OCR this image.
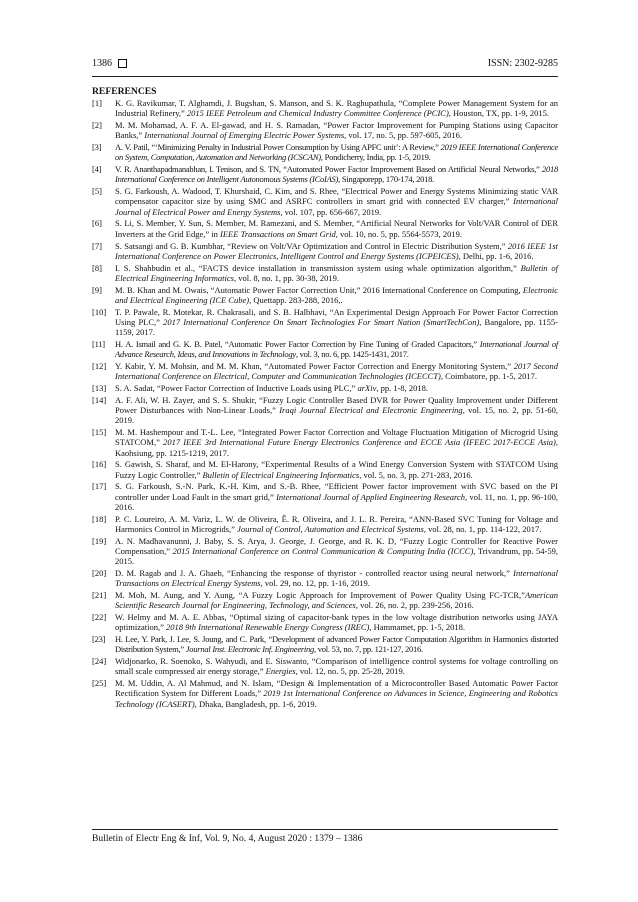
1386	ISSN: 2302-9285
REFERENCES
[1] K. G. Ravikumar, T. Alghamdi, J. Bugshan, S. Manson, and S. K. Raghupathula, “Complete Power Management System for an Industrial Refinery,” 2015 IEEE Petroleum and Chemical Industry Committee Conference (PCIC), Houston, TX, pp. 1-9, 2015.
[2] M. M. Mohamad, A. F. A. El-gawad, and H. S. Ramadan, “Power Factor Improvement for Pumping Stations using Capacitor Banks,” International Journal of Emerging Electric Power Systems, vol. 17, no. 5, pp. 597-605, 2016.
[3] A. V. Patil, “‘Minimizing Penalty in Industrial Power Consumption by Using APFC unit’: A Review,” 2019 IEEE International Conference on System, Computation, Automation and Networking (ICSCAN), Pondicherry, India, pp. 1-5, 2019.
[4] V. R. Ananthapadmanabhan, I. Tenison, and S. TN, “Automated Power Factor Improvement Based on Artificial Neural Networks,” 2018 International Conference on Intelligent Autonomous Systems (ICoIAS), Singaporepp, 170-174, 2018.
[5] S. G. Farkoush, A. Wadood, T. Khurshaid, C. Kim, and S. Rhee, “Electrical Power and Energy Systems Minimizing static VAR compensator capacitor size by using SMC and ASRFC controllers in smart grid with connected EV charger,” International Journal of Electrical Power and Energy Systems, vol. 107, pp. 656-667, 2019.
[6] S. Li, S. Member, Y. Sun, S. Member, M. Ramezani, and S. Member, “Artificial Neural Networks for Volt/VAR Control of DER Inverters at the Grid Edge,” in IEEE Transactions on Smart Grid, vol. 10, no. 5, pp. 5564-5573, 2019.
[7] S. Satsangi and G. B. Kumbhar, “Review on Volt/VAr Optimization and Control in Electric Distribution System,” 2016 IEEE 1st International Conference on Power Electronics, Intelligent Control and Energy Systems (ICPEICES), Delhi, pp. 1-6, 2016.
[8] I. S. Shahbudin et al., “FACTS device installation in transmission system using whale optimization algorithm,” Bulletin of Electrical Engineering Informatics, vol. 8, no. 1, pp. 30-38, 2019.
[9] M. B. Khan and M. Owais, “Automatic Power Factor Correction Unit,” 2016 International Conference on Computing, Electronic and Electrical Engineering (ICE Cube), Quettapp. 283-288, 2016,.
[10] T. P. Pawale, R. Motekar, R. Chakrasali, and S. B. Halbhavi, “An Experimental Design Approach For Power Factor Correction Using PLC,” 2017 International Conference On Smart Technologies For Smart Nation (SmartTechCon), Bangalore, pp. 1155-1159, 2017.
[11] H. A. Ismail and G. K. B. Patel, “Automatic Power Factor Correction by Fine Tuning of Graded Capacitors,” International Journal of Advance Research, Ideas, and Innovations in Technology, vol. 3, no. 6, pp. 1425-1431, 2017.
[12] Y. Kabir, Y. M. Mohsin, and M. M. Khan, “Automated Power Factor Correction and Energy Monitoring System,” 2017 Second International Conference on Electrical, Computer and Communication Technologies (ICECCT), Coimbatore, pp. 1-5, 2017.
[13] S. A. Sadat, “Power Factor Correction of Inductive Loads using PLC,” arXiv, pp. 1-8, 2018.
[14] A. F. Ali, W. H. Zayer, and S. S. Shukir, “Fuzzy Logic Controller Based DVR for Power Quality Improvement under Different Power Disturbances with Non-Linear Loads,” Iraqi Journal Electrical and Electronic Engineering, vol. 15, no. 2, pp. 51-60, 2019.
[15] M. M. Hashempour and T.-L. Lee, “Integrated Power Factor Correction and Voltage Fluctuation Mitigation of Microgrid Using STATCOM,” 2017 IEEE 3rd International Future Energy Electronics Conference and ECCE Asia (IFEEC 2017-ECCE Asia), Kaohsiung, pp. 1215-1219, 2017.
[16] S. Gawish, S. Sharaf, and M. El-Harony, “Experimental Results of a Wind Energy Conversion System with STATCOM Using Fuzzy Logic Controller,” Bulletin of Electrical Engineering Informatics, vol. 5, no. 3, pp. 271-283, 2016.
[17] S. G. Farkoush, S.-N. Park, K.-H. Kim, and S.-B. Rhee, “Efficient Power factor improvement with SVC based on the PI controller under Load Fault in the smart grid,” International Journal of Applied Engineering Research, vol. 11, no. 1, pp. 96-100, 2016.
[18] P. C. Loureiro, A. M. Variz, L. W. de Oliveira, Ê. R. Oliveira, and J. L. R. Pereira, “ANN-Based SVC Tuning for Voltage and Harmonics Control in Microgrids,” Journal of Control, Automation and Electrical Systems, vol. 28, no. 1, pp. 114-122, 2017.
[19] A. N. Madhavanunni, J. Baby, S. S. Arya, J. George, J. George, and R. K. D, “Fuzzy Logic Controller for Reactive Power Compensation,” 2015 International Conference on Control Communication & Computing India (ICCC), Trivandrum, pp. 54-59, 2015.
[20] D. M. Ragab and J. A. Ghaeb, “Enhancing the response of thyristor - controlled reactor using neural network,” International Transactions on Electrical Energy Systems, vol. 29, no. 12, pp. 1-16, 2019.
[21] M. Moh, M. Aung, and Y. Aung, “A Fuzzy Logic Approach for Improvement of Power Quality Using FC-TCR,”American Scientific Research Journal for Engineering, Technology, and Sciences, vol. 26, no. 2, pp. 239-256, 2016.
[22] W. Helmy and M. A. E. Abbas, “Optimal sizing of capacitor-bank types in the low voltage distribution networks using JAYA optimization,” 2018 9th International Renewable Energy Congress (IREC), Hammamet, pp. 1-5, 2018.
[23] H. Lee, Y. Park, J. Lee, S. Joung, and C. Park, “Development of advanced Power Factor Computation Algorithm in Harmonics distorted Distribution System,” Journal Inst. Electronic Inf. Engineering, vol. 53, no. 7, pp. 121-127, 2016.
[24] Widjonarko, R. Soenoko, S. Wahyudi, and E. Siswanto, “Comparison of intelligence control systems for voltage controlling on small scale compressed air energy storage,” Energies, vol. 12, no. 5, pp. 25-28, 2019.
[25] M. M. Uddin, A. Al Mahmud, and N. Islam, “Design & Implementation of a Microcontroller Based Automatic Power Factor Rectification System for Different Loads,” 2019 1st International Conference on Advances in Science, Engineering and Robotics Technology (ICASERT), Dhaka, Bangladesh, pp. 1-6, 2019.
Bulletin of Electr Eng & Inf, Vol. 9, No. 4, August 2020 : 1379 – 1386
